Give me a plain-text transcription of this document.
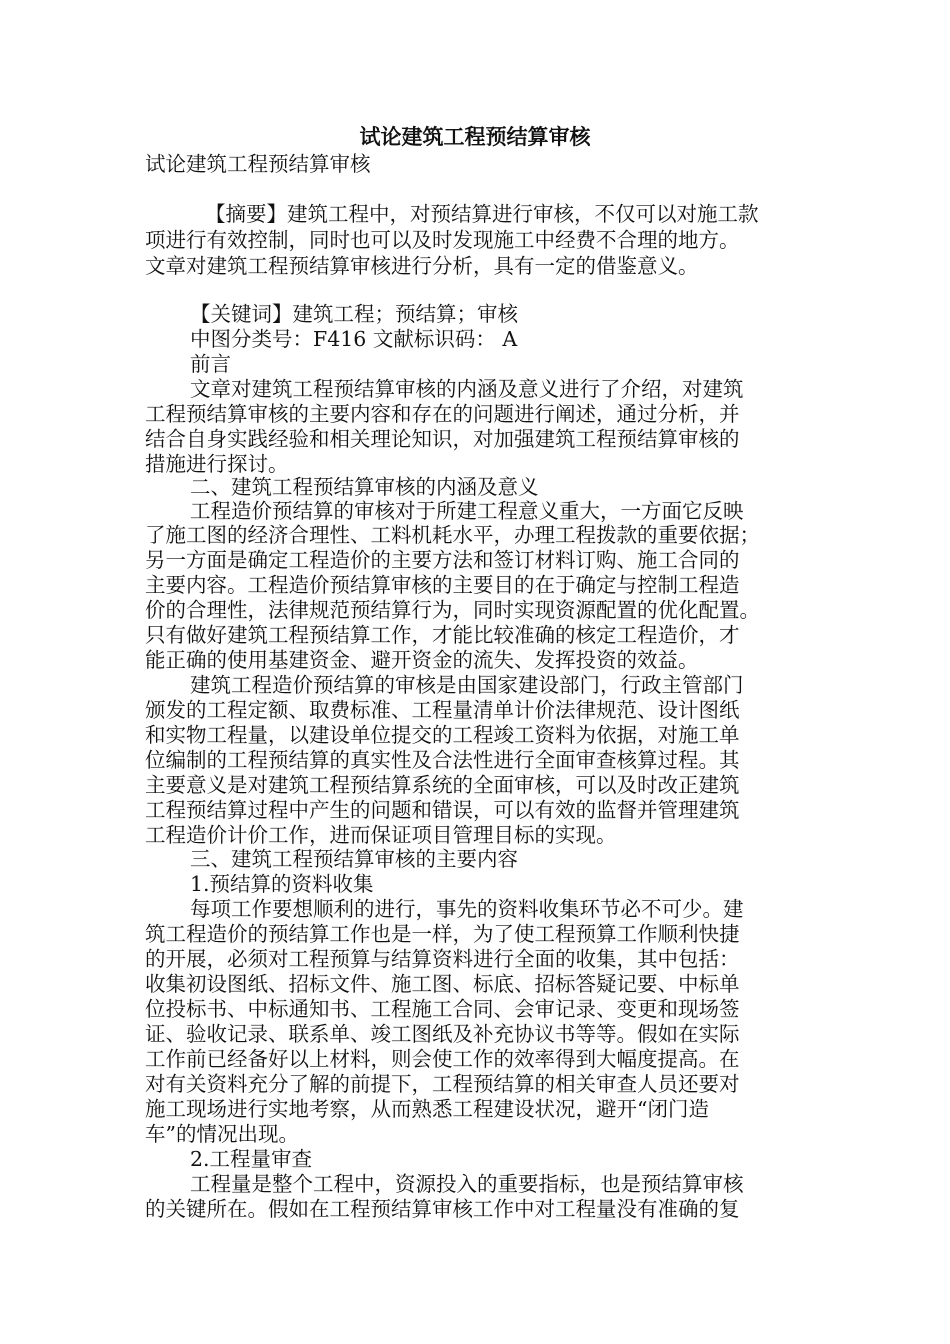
试论建筑工程预结算审核
试论建筑工程预结算审核
【摘要】建筑工程中，对预结算进行审核，不仅可以对施工款
项进行有效控制，同时也可以及时发现施工中经费不合理的地方。
文章对建筑工程预结算审核进行分析，具有一定的借鉴意义。
【关键词】建筑工程；预结算；审核
中图分类号：F416 文献标识码： A
前言
文章对建筑工程预结算审核的内涵及意义进行了介绍，对建筑
工程预结算审核的主要内容和存在的问题进行阐述，通过分析，并
结合自身实践经验和相关理论知识，对加强建筑工程预结算审核的
措施进行探讨。
二、建筑工程预结算审核的内涵及意义
工程造价预结算的审核对于所建工程意义重大，一方面它反映
了施工图的经济合理性、工料机耗水平，办理工程拨款的重要依据；
另一方面是确定工程造价的主要方法和签订材料订购、施工合同的
主要内容。工程造价预结算审核的主要目的在于确定与控制工程造
价的合理性，法律规范预结算行为，同时实现资源配置的优化配置。
只有做好建筑工程预结算工作，才能比较准确的核定工程造价，才
能正确的使用基建资金、避开资金的流失、发挥投资的效益。
建筑工程造价预结算的审核是由国家建设部门，行政主管部门
颁发的工程定额、取费标准、工程量清单计价法律规范、设计图纸
和实物工程量，以建设单位提交的工程竣工资料为依据，对施工单
位编制的工程预结算的真实性及合法性进行全面审查核算过程。其
主要意义是对建筑工程预结算系统的全面审核，可以及时改正建筑
工程预结算过程中产生的问题和错误，可以有效的监督并管理建筑
工程造价计价工作，进而保证项目管理目标的实现。
三、建筑工程预结算审核的主要内容
1.预结算的资料收集
每项工作要想顺利的进行，事先的资料收集环节必不可少。建
筑工程造价的预结算工作也是一样，为了使工程预算工作顺利快捷
的开展，必须对工程预算与结算资料进行全面的收集，其中包括：
收集初设图纸、招标文件、施工图、标底、招标答疑记要、中标单
位投标书、中标通知书、工程施工合同、会审记录、变更和现场签
证、验收记录、联系单、竣工图纸及补充协议书等等。假如在实际
工作前已经备好以上材料，则会使工作的效率得到大幅度提高。在
对有关资料充分了解的前提下，工程预结算的相关审查人员还要对
施工现场进行实地考察，从而熟悉工程建设状况，避开“闭门造
车”的情况出现。
2.工程量审查
工程量是整个工程中，资源投入的重要指标，也是预结算审核
的关键所在。假如在工程预结算审核工作中对工程量没有准确的复
